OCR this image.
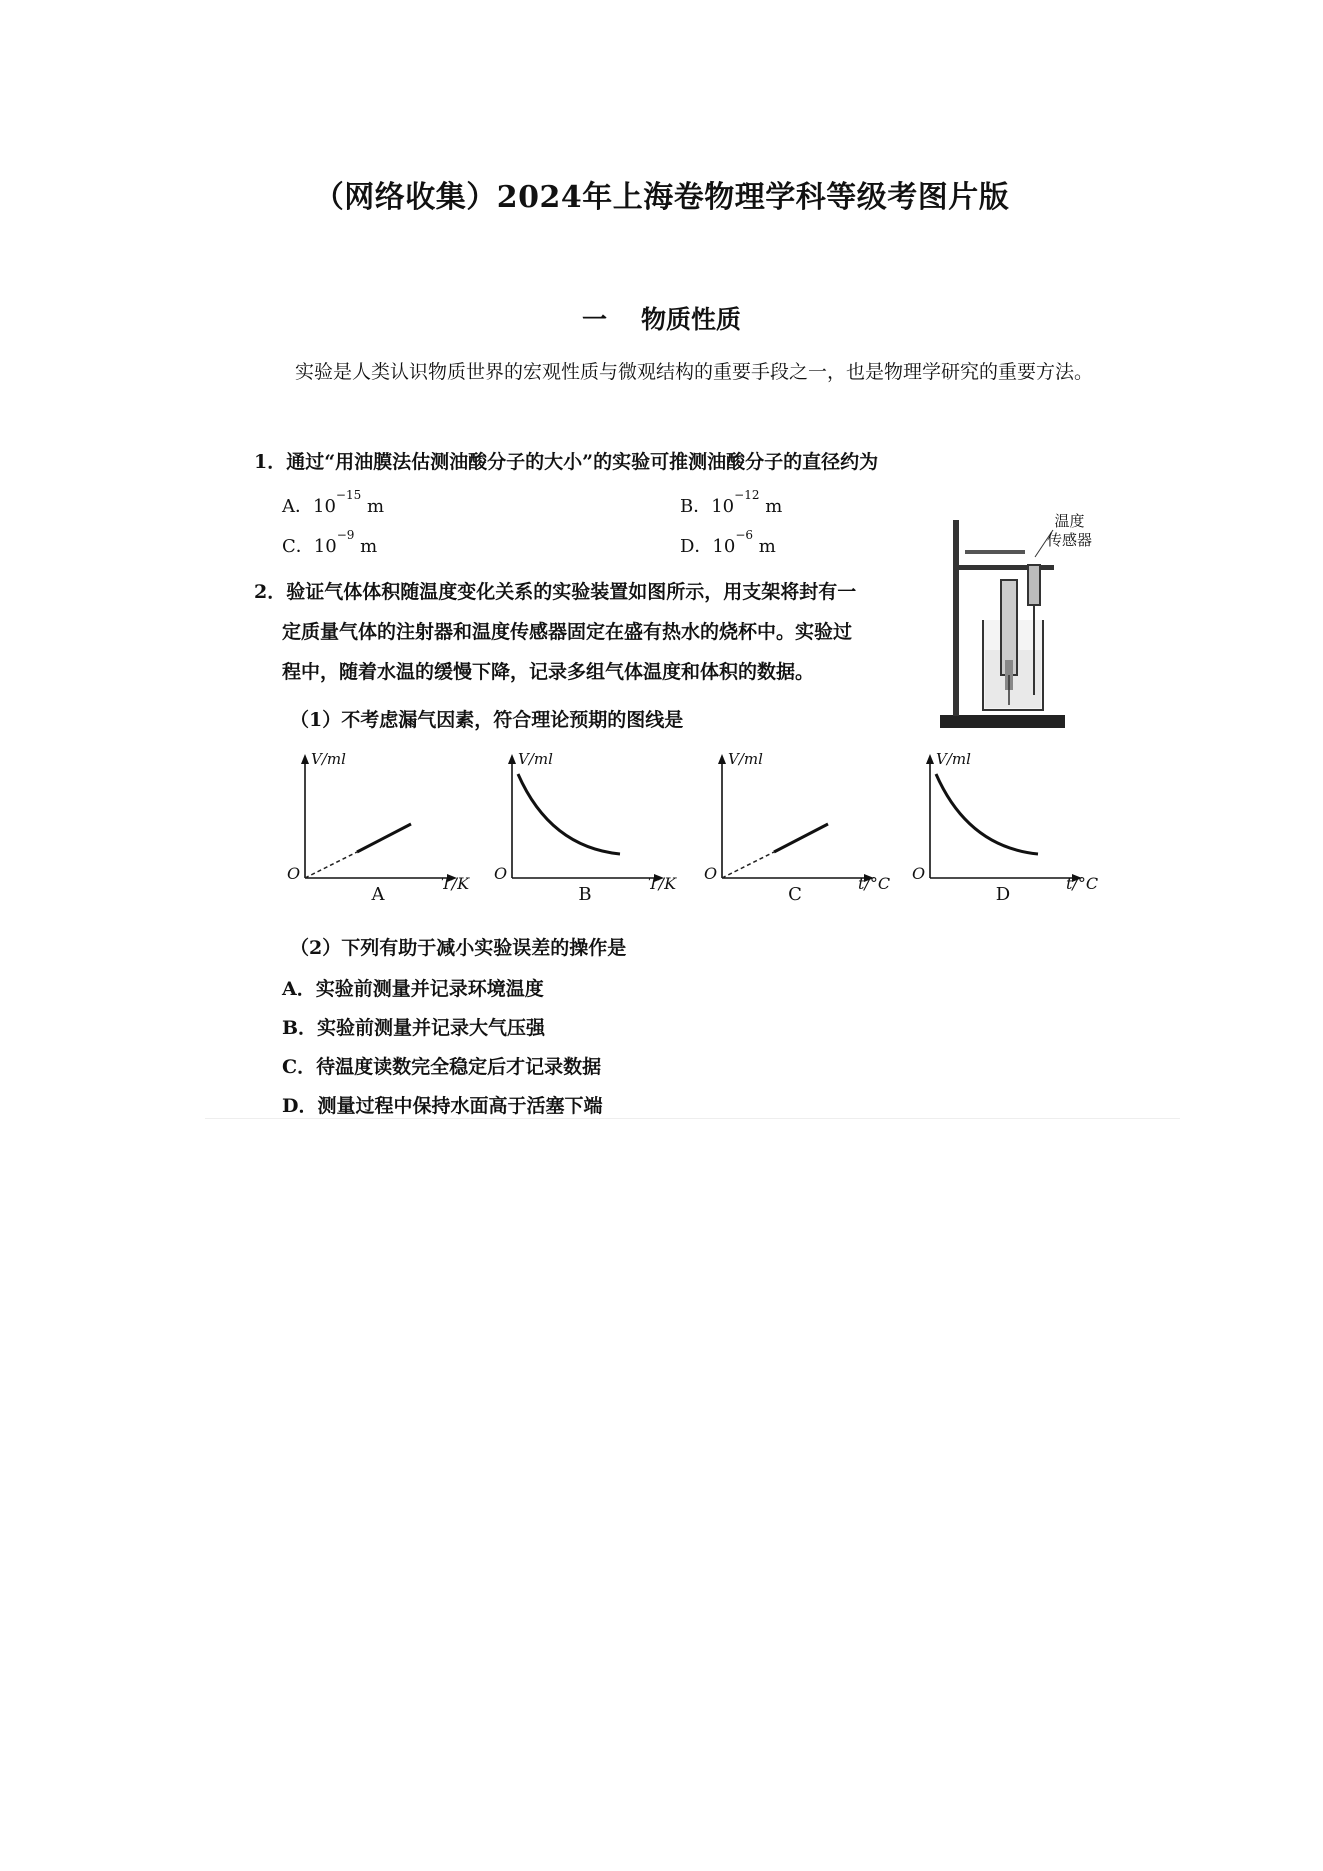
（网络收集）2024年上海卷物理学科等级考图片版
一 物质性质
实验是人类认识物质世界的宏观性质与微观结构的重要手段之一，也是物理学研究的重要方法。
1．通过“用油膜法估测油酸分子的大小”的实验可推测油酸分子的直径约为
A．$10^{-15}$ m	B．$10^{-12}$ m
C．$10^{-9}$ m	D．$10^{-6}$ m
2．验证气体体积随温度变化关系的实验装置如图所示，用支架将封有一
定质量气体的注射器和温度传感器固定在盛有热水的烧杯中。实验过
程中，随着水温的缓慢下降，记录多组气体温度和体积的数据。
（1）不考虑漏气因素，符合理论预期的图线是
温度
传感器
V/ml
O
T/K
A
V/ml
O
T/K
B
V/ml
O
t/°C
C
V/ml
O
t/°C
D
（2）下列有助于减小实验误差的操作是
A．实验前测量并记录环境温度
B．实验前测量并记录大气压强
C．待温度读数完全稳定后才记录数据
D．测量过程中保持水面高于活塞下端
